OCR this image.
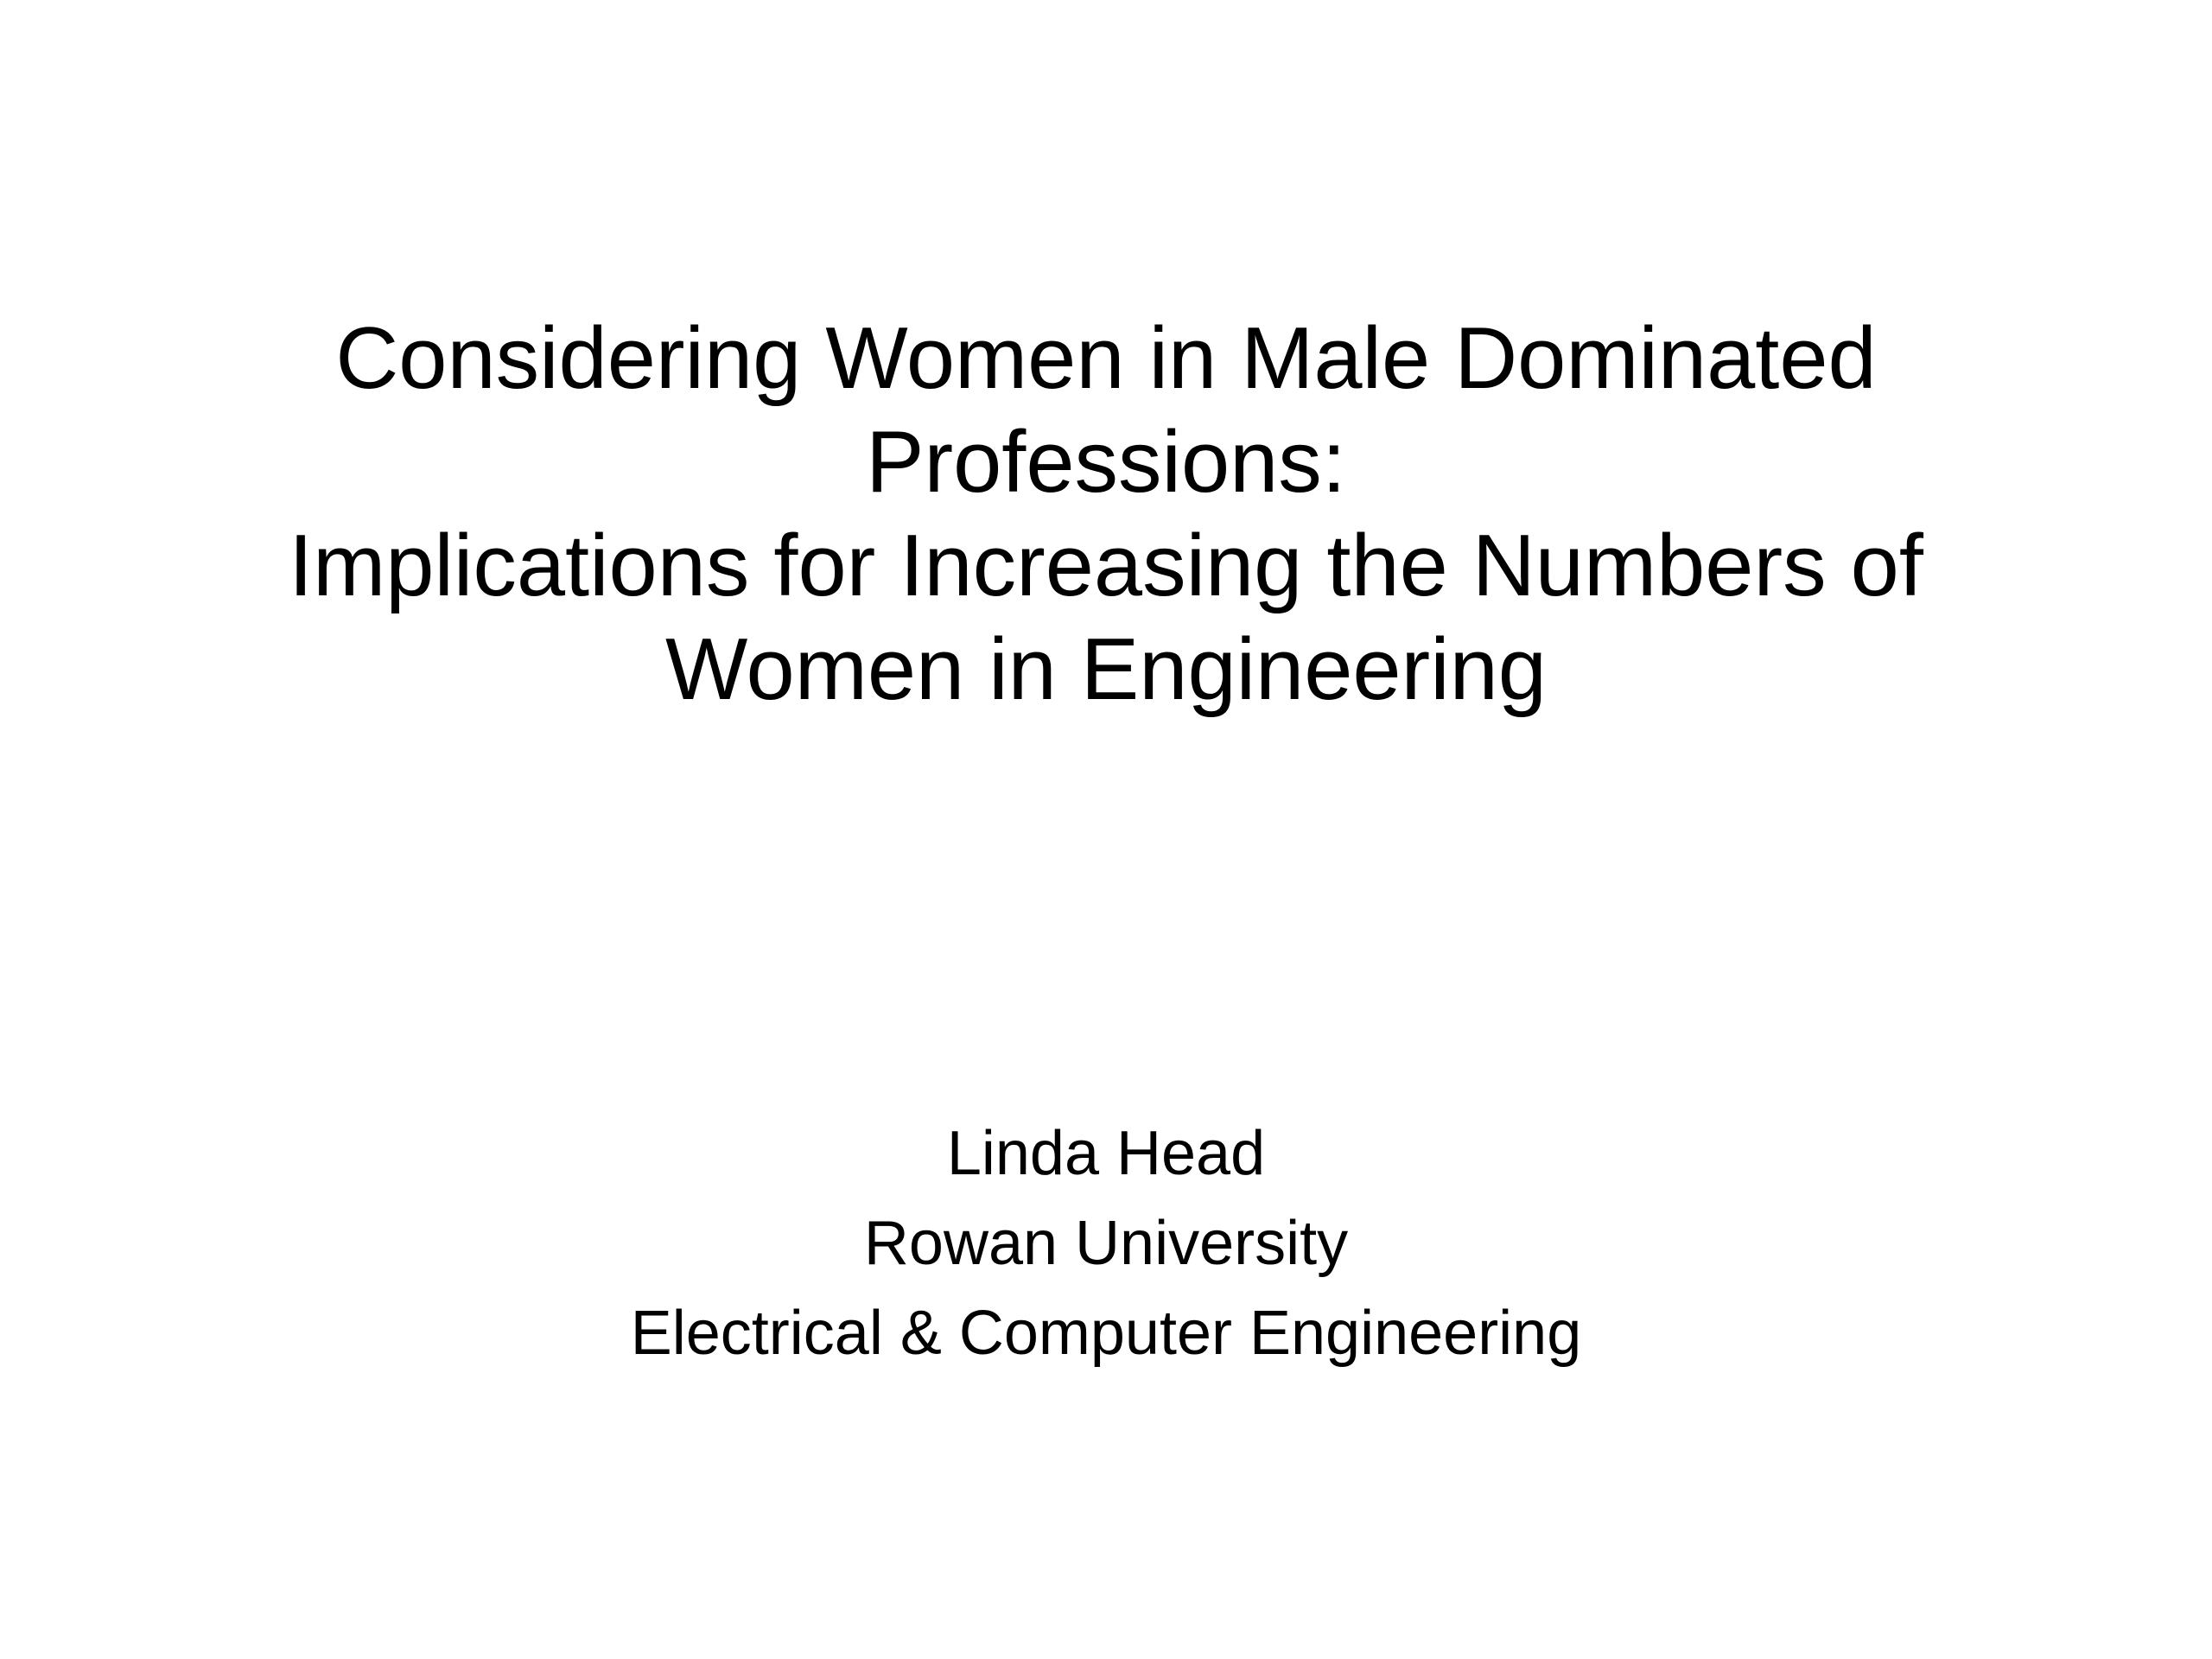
Considering Women in Male Dominated
Professions:
Implications for Increasing the Numbers of
Women in Engineering
Linda Head
Rowan University
Electrical & Computer Engineering
